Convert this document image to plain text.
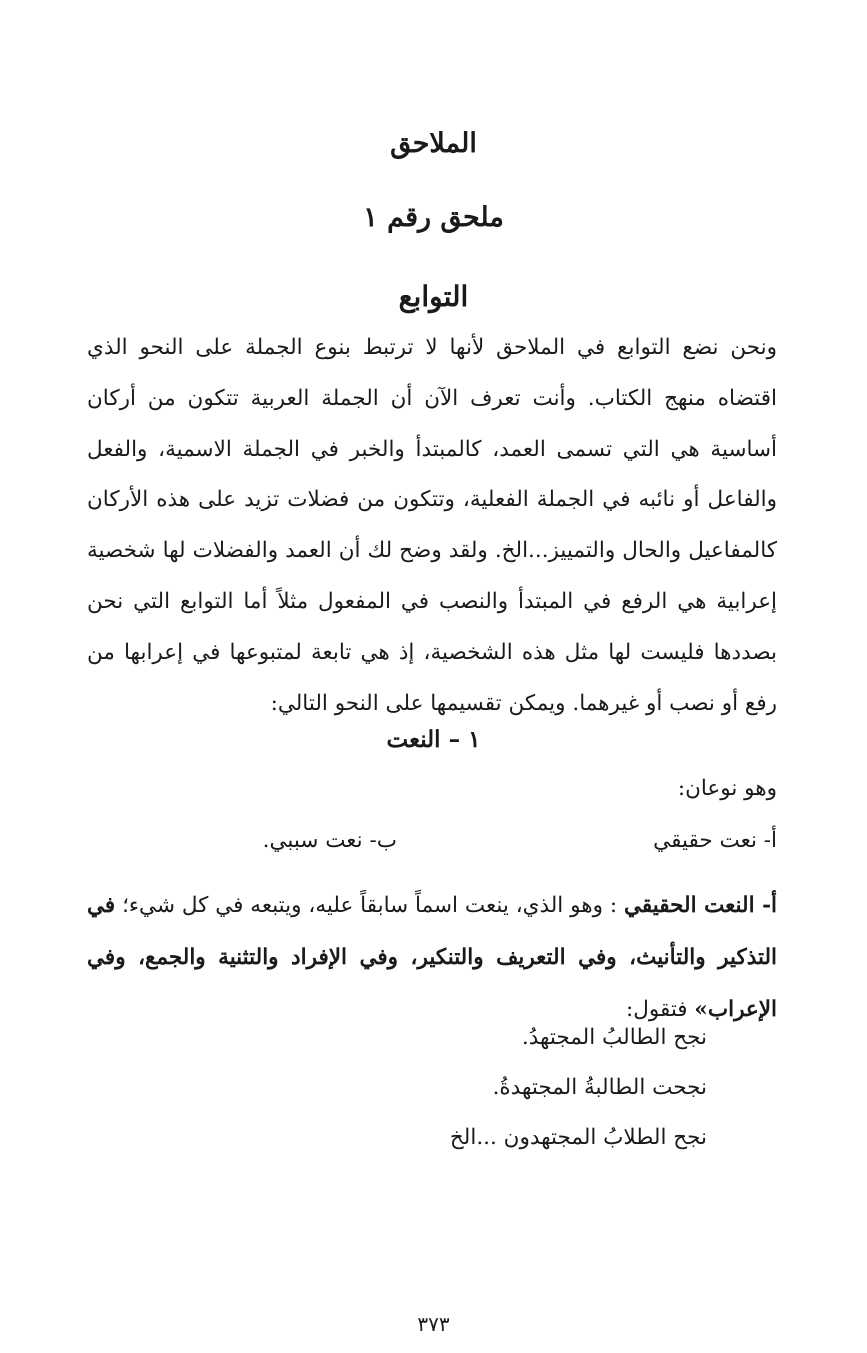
الملاحق
ملحق رقم ١
التوابع
ونحن نضع التوابع في الملاحق لأنها لا ترتبط بنوع الجملة على النحو الذي اقتضاه منهج الكتاب. وأنت تعرف الآن أن الجملة العربية تتكون من أركان أساسية هي التي تسمى العمد، كالمبتدأ والخبر في الجملة الاسمية، والفعل والفاعل أو نائبه في الجملة الفعلية، وتتكون من فضلات تزيد على هذه الأركان كالمفاعيل والحال والتمييز...الخ. ولقد وضح لك أن العمد والفضلات لها شخصية إعرابية هي الرفع في المبتدأ والنصب في المفعول مثلاً أما التوابع التي نحن بصددها فليست لها مثل هذه الشخصية، إذ هي تابعة لمتبوعها في إعرابها من رفع أو نصب أو غيرهما. ويمكن تقسيمها على النحو التالي:
١ – النعت
وهو نوعان:
أ- نعت حقيقي
ب- نعت سببي.
أ- النعت الحقيقي : وهو الذي، ينعت اسماً سابقاً عليه، ويتبعه في كل شيء؛ في التذكير والتأنيث، وفي التعريف والتنكير، وفي الإفراد والتثنية والجمع، وفي الإعراب» فتقول:
نجح الطالبُ المجتهدُ.
نجحت الطالبةُ المجتهدةُ.
نجح الطلابُ المجتهدون ...الخ
٣٧٣
